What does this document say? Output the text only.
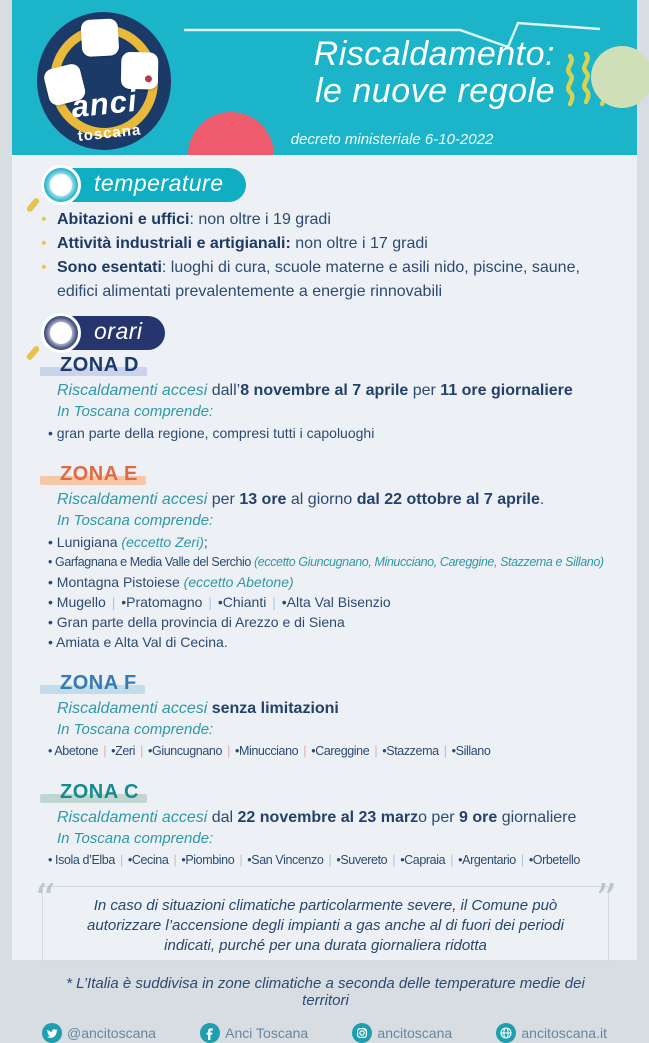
anci
toscana
Riscaldamento:
le nuove regole
decreto ministeriale 6-10-2022
temperature
• Abitazioni e uffici: non oltre i 19 gradi
• Attività industriali e artigianali: non oltre i 17 gradi
• Sono esentati: luoghi di cura, scuole materne e asili nido, piscine, saune, edifici alimentati prevalentemente a energie rinnovabili
orari
ZONA D

Riscaldamenti accesi dall’8 novembre al 7 aprile per 11 ore giornaliere

In Toscana comprende:

• gran parte della regione, compresi tutti i capoluoghi

ZONA E

Riscaldamenti accesi per 13 ore al giorno dal 22 ottobre al 7 aprile.

In Toscana comprende:

• Lunigiana (eccetto Zeri);

• Garfagnana e Media Valle del Serchio (eccetto Giuncugnano, Minucciano, Careggine, Stazzema e Sillano)

• Montagna Pistoiese (eccetto Abetone)

• Mugello | •Pratomagno | •Chianti | •Alta Val Bisenzio

• Gran parte della provincia di Arezzo e di Siena

• Amiata e Alta Val di Cecina.

ZONA F

Riscaldamenti accesi senza limitazioni

In Toscana comprende:

• Abetone | •Zeri | •Giuncugnano | •Minucciano | •Careggine | •Stazzema | •Sillano

ZONA C

Riscaldamenti accesi dal 22 novembre al 23 marzo per 9 ore giornaliere

In Toscana comprende:

• Isola d’Elba | •Cecina | •Piombino | •San Vincenzo | •Suvereto | •Capraia | •Argentario | •Orbetello

“	”
In caso di situazioni climatiche particolarmente severe, il Comune può autorizzare l’accensione degli impianti a gas anche al di fuori dei periodi indicati, purché per una durata giornaliera ridotta

* L’Italia è suddivisa in zone climatiche a seconda delle temperature medie dei territori

@ancitoscana	Anci Toscana	ancitoscana	ancitoscana.it
